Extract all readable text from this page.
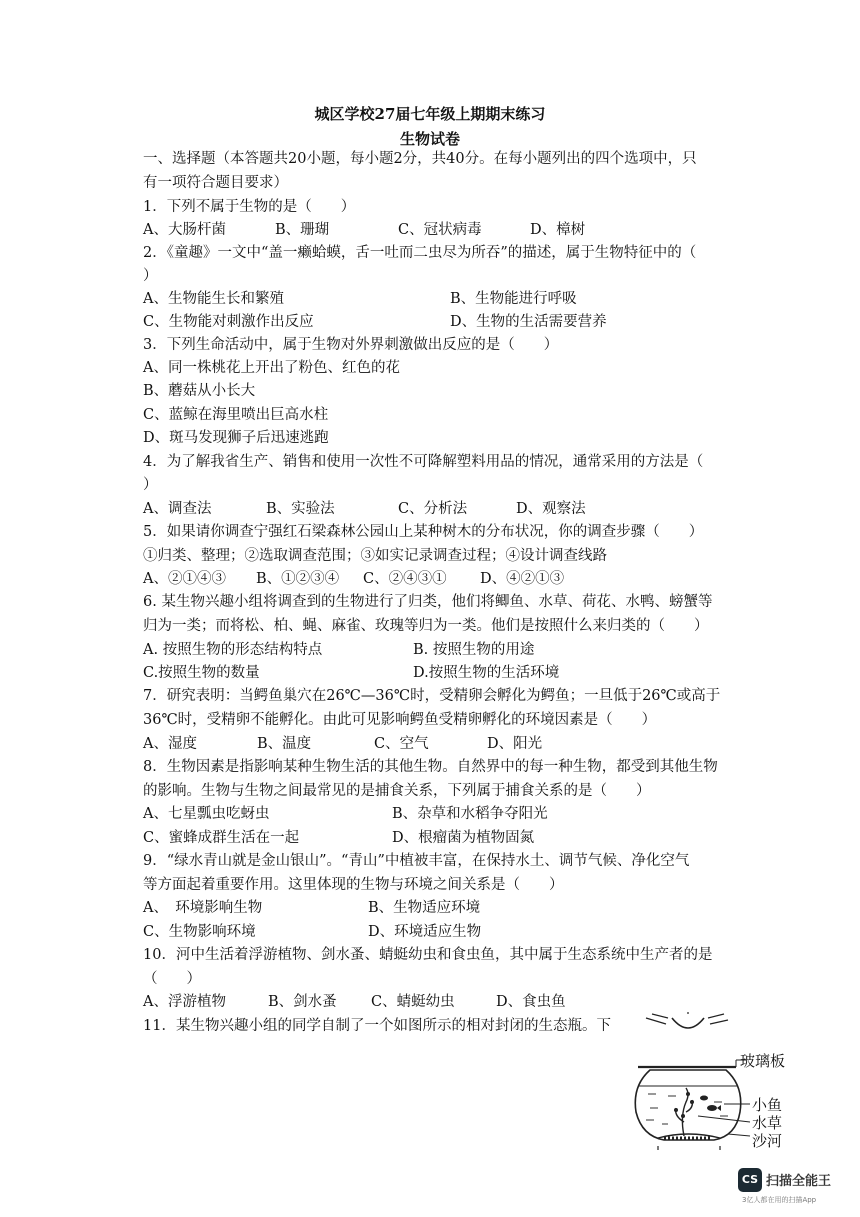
城区学校27届七年级上期期末练习
生物试卷
一、选择题（本答题共20小题，每小题2分，共40分。在每小题列出的四个选项中，只
有一项符合题目要求）
1．下列不属于生物的是（　　）
A、大肠杆菌	B、珊瑚	C、冠状病毒	D、樟树
2．《童趣》一文中“盖一癞蛤蟆，舌一吐而二虫尽为所吞”的描述，属于生物特征中的（
）
A、生物能生长和繁殖	B、生物能进行呼吸
C、生物能对刺激作出反应	D、生物的生活需要营养
3．下列生命活动中，属于生物对外界刺激做出反应的是（　　）
A、同一株桃花上开出了粉色、红色的花
B、蘑菇从小长大
C、蓝鲸在海里喷出巨高水柱
D、斑马发现狮子后迅速逃跑
4．为了解我省生产、销售和使用一次性不可降解塑料用品的情况，通常采用的方法是（
）
A、调查法	B、实验法	C、分析法	D、观察法
5．如果请你调查宁强红石梁森林公园山上某种树木的分布状况，你的调查步骤（　　）
①归类、整理；②选取调查范围；③如实记录调查过程；④设计调查线路
A、②①④③ B、①②③④ C、②④③① D、④②①③
6. 某生物兴趣小组将调查到的生物进行了归类，他们将鲫鱼、水草、荷花、水鸭、螃蟹等
归为一类；而将松、柏、蝇、麻雀、玫瑰等归为一类。他们是按照什么来归类的（　　）
A. 按照生物的形态结构特点	B. 按照生物的用途
C.按照生物的数量	D.按照生物的生活环境
7．研究表明：当鳄鱼巢穴在26℃—36℃时，受精卵会孵化为鳄鱼；一旦低于26℃或高于
36℃时，受精卵不能孵化。由此可见影响鳄鱼受精卵孵化的环境因素是（　　）
A、湿度	B、温度	C、空气	D、阳光
8．生物因素是指影响某种生物生活的其他生物。自然界中的每一种生物，都受到其他生物
的影响。生物与生物之间最常见的是捕食关系，下列属于捕食关系的是（　　）
A、七星瓢虫吃蚜虫	B、杂草和水稻争夺阳光
C、蜜蜂成群生活在一起	D、根瘤菌为植物固氮
9．“绿水青山就是金山银山”。“青山”中植被丰富，在保持水土、调节气候、净化空气
等方面起着重要作用。这里体现的生物与环境之间关系是（　　）
A、　环境影响生物	B、生物适应环境
C、生物影响环境	D、环境适应生物
10．河中生活着浮游植物、剑水蚤、蜻蜓幼虫和食虫鱼，其中属于生态系统中生产者的是
（　　）
A、浮游植物	B、剑水蚤 C、蜻蜓幼虫	D、食虫鱼
11．某生物兴趣小组的同学自制了一个如图所示的相对封闭的生态瓶。下
玻璃板
小鱼
水草
沙河
CS 扫描全能王
3亿人都在用的扫描App
